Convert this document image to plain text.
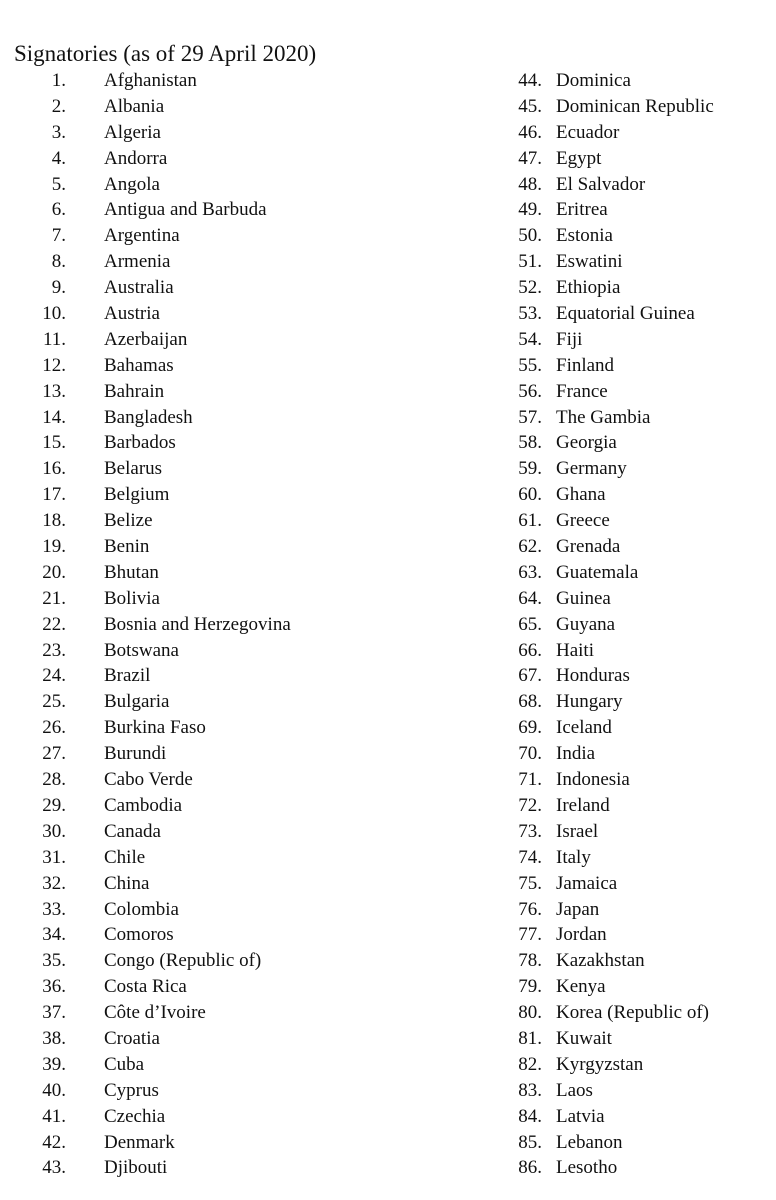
Signatories (as of 29 April 2020)
1. Afghanistan
2. Albania
3. Algeria
4. Andorra
5. Angola
6. Antigua and Barbuda
7. Argentina
8. Armenia
9. Australia
10. Austria
11. Azerbaijan
12. Bahamas
13. Bahrain
14. Bangladesh
15. Barbados
16. Belarus
17. Belgium
18. Belize
19. Benin
20. Bhutan
21. Bolivia
22. Bosnia and Herzegovina
23. Botswana
24. Brazil
25. Bulgaria
26. Burkina Faso
27. Burundi
28. Cabo Verde
29. Cambodia
30. Canada
31. Chile
32. China
33. Colombia
34. Comoros
35. Congo (Republic of)
36. Costa Rica
37. Côte d’Ivoire
38. Croatia
39. Cuba
40. Cyprus
41. Czechia
42. Denmark
43. Djibouti
44. Dominica
45. Dominican Republic
46. Ecuador
47. Egypt
48. El Salvador
49. Eritrea
50. Estonia
51. Eswatini
52. Ethiopia
53. Equatorial Guinea
54. Fiji
55. Finland
56. France
57. The Gambia
58. Georgia
59. Germany
60. Ghana
61. Greece
62. Grenada
63. Guatemala
64. Guinea
65. Guyana
66. Haiti
67. Honduras
68. Hungary
69. Iceland
70. India
71. Indonesia
72. Ireland
73. Israel
74. Italy
75. Jamaica
76. Japan
77. Jordan
78. Kazakhstan
79. Kenya
80. Korea (Republic of)
81. Kuwait
82. Kyrgyzstan
83. Laos
84. Latvia
85. Lebanon
86. Lesotho
